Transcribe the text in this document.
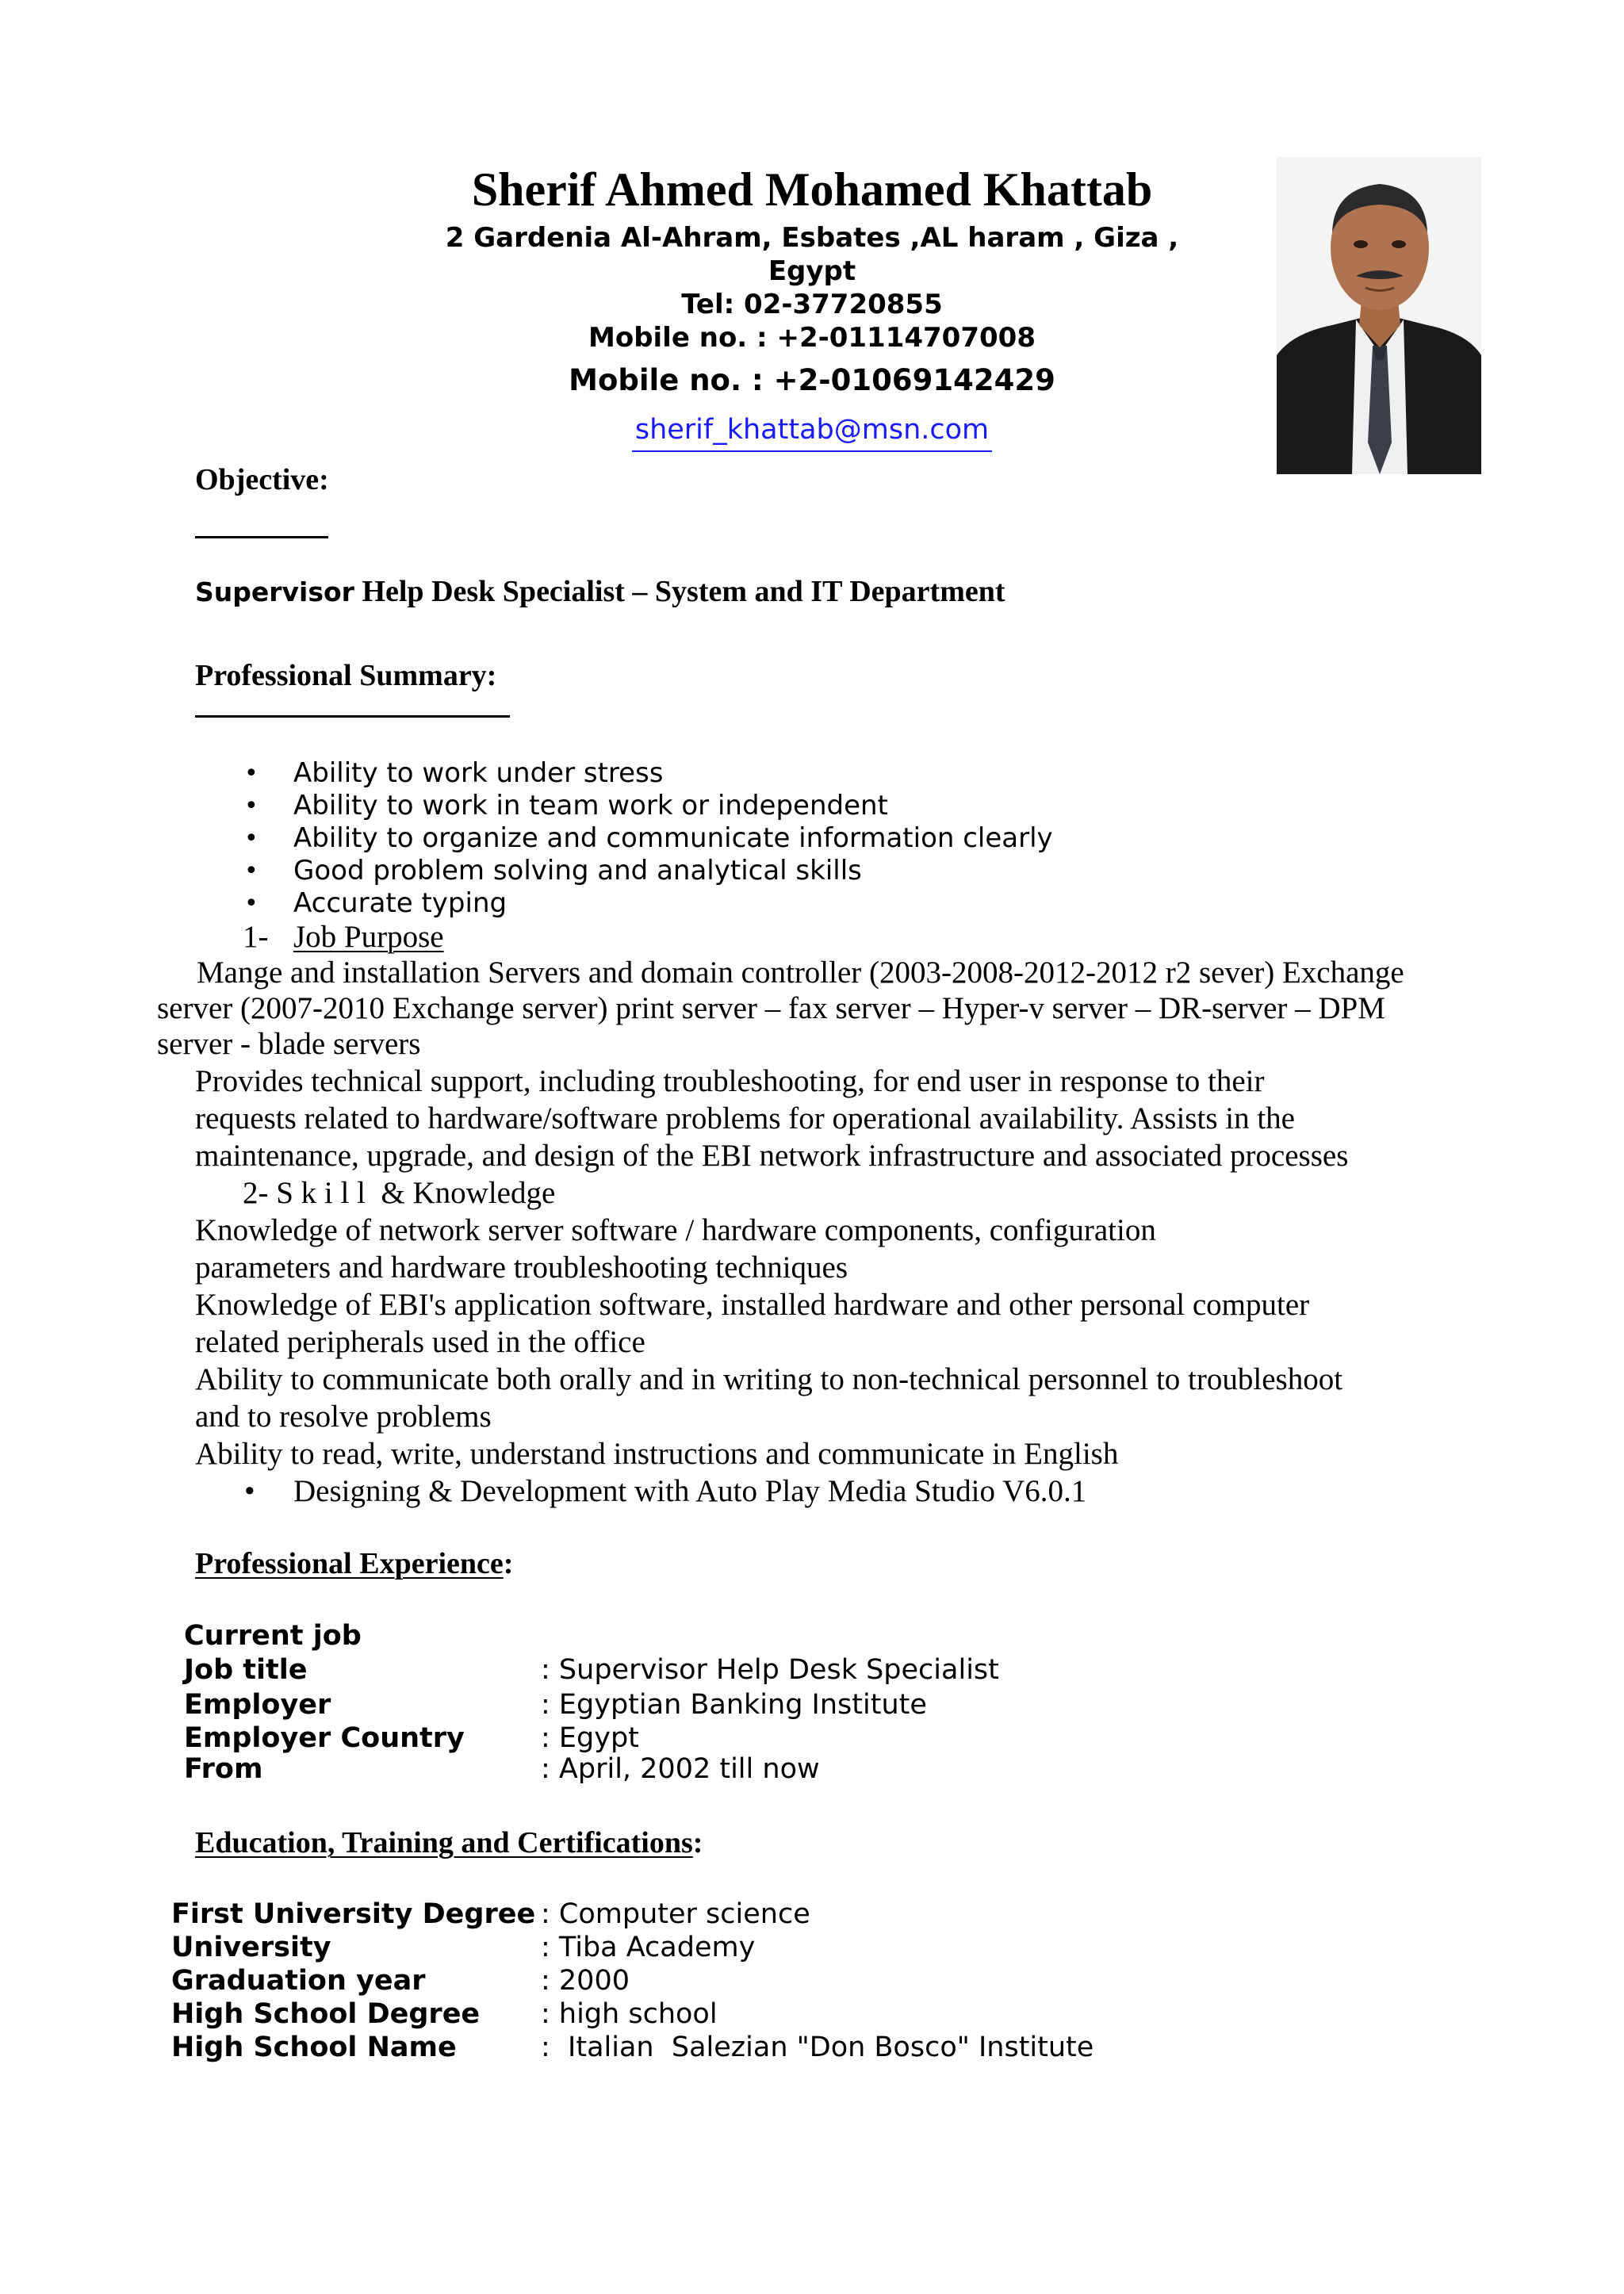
Sherif Ahmed Mohamed Khattab
2 Gardenia Al-Ahram, Esbates ,AL haram , Giza ,
Egypt
Tel: 02-37720855
Mobile no. : +2-01114707008
Mobile no. : +2-01069142429
sherif_khattab@msn.com
Objective:
Supervisor Help Desk Specialist – System and IT Department
Professional Summary:
• Ability to work under stress
• Ability to work in team work or independent
• Ability to organize and communicate information clearly
• Good problem solving and analytical skills
• Accurate typing
1- Job Purpose
Mange and installation Servers and domain controller (2003-2008-2012-2012 r2 sever) Exchange
server (2007-2010 Exchange server) print server – fax server – Hyper-v server – DR-server – DPM
server - blade servers
Provides technical support, including troubleshooting, for end user in response to their
requests related to hardware/software problems for operational availability. Assists in the
maintenance, upgrade, and design of the EBI network infrastructure and associated processes
2- S k i l l  & Knowledge
Knowledge of network server software / hardware components, configuration
parameters and hardware troubleshooting techniques
Knowledge of EBI's application software, installed hardware and other personal computer
related peripherals used in the office
Ability to communicate both orally and in writing to non-technical personnel to troubleshoot
and to resolve problems
Ability to read, write, understand instructions and communicate in English
• Designing & Development with Auto Play Media Studio V6.0.1
Professional Experience:
Current job
Job title	: Supervisor Help Desk Specialist
Employer	: Egyptian Banking Institute
Employer Country	: Egypt
From	: April, 2002 till now
Education, Training and Certifications:
First University Degree : Computer science
University	: Tiba Academy
Graduation year	: 2000
High School Degree : high school
High School Name	:  Italian  Salezian "Don Bosco" Institute
